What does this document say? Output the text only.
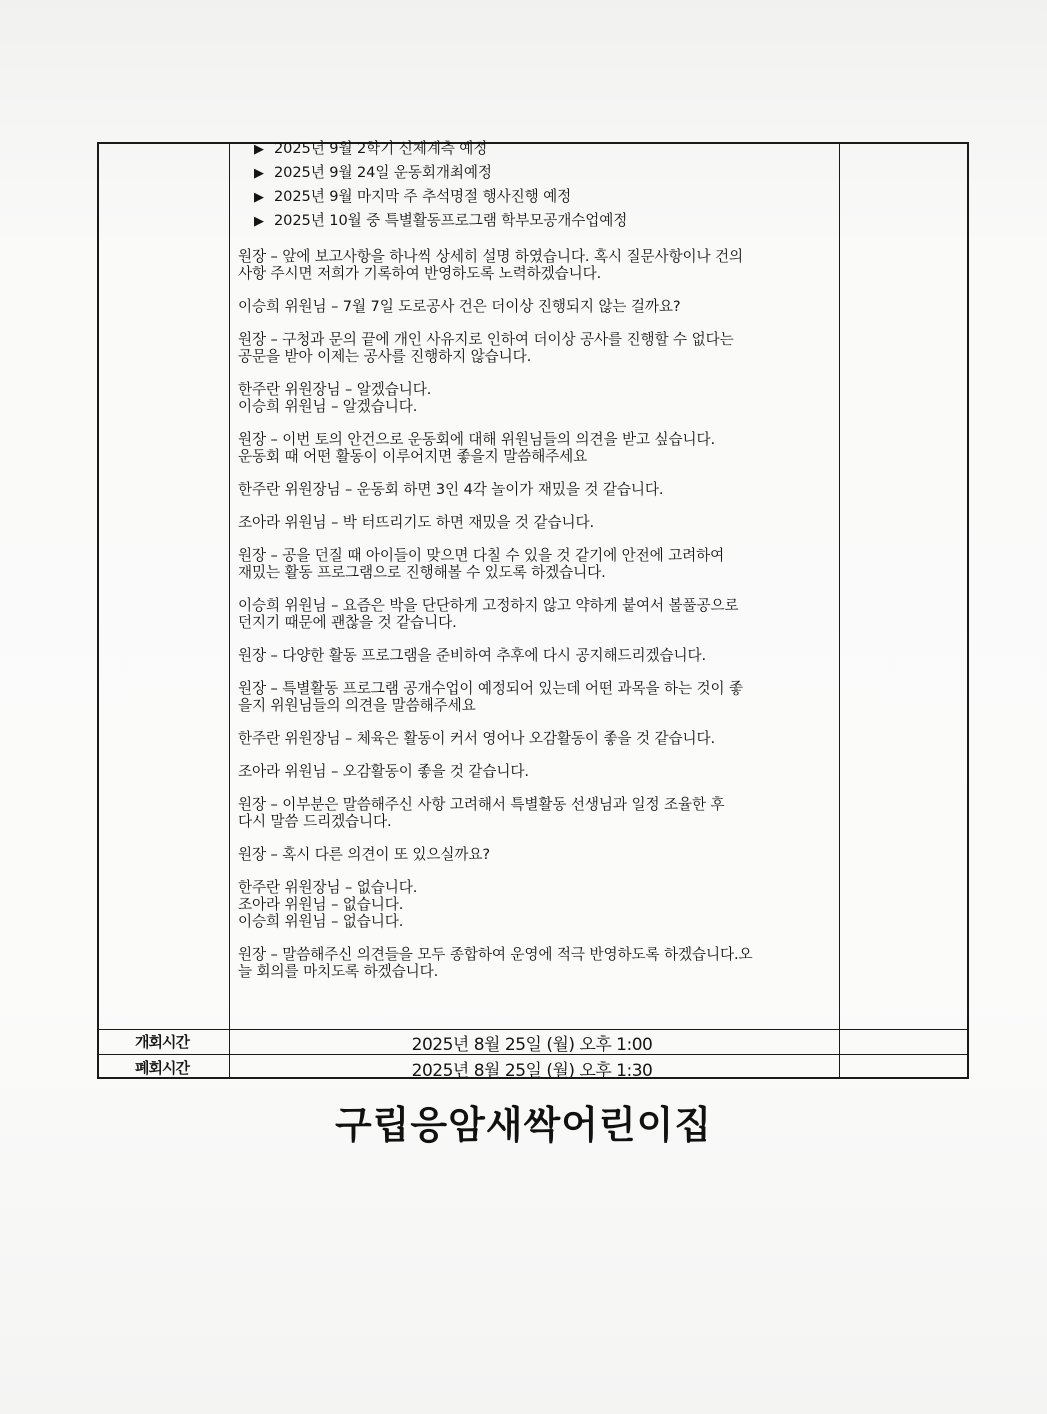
▶ 2025년 9월 2학기 신체계측 예정
▶ 2025년 9월 24일 운동회개최예정
▶ 2025년 9월 마지막 주 추석명절 행사진행 예정
▶ 2025년 10월 중 특별활동프로그램 학부모공개수업예정

원장 – 앞에 보고사항을 하나씩 상세히 설명 하였습니다. 혹시 질문사항이나 건의
사항 주시면 저희가 기록하여 반영하도록 노력하겠습니다.

이승희 위원님 – 7월 7일 도로공사 건은 더이상 진행되지 않는 걸까요?

원장 – 구청과 문의 끝에 개인 사유지로 인하여 더이상 공사를 진행할 수 없다는
공문을 받아 이제는 공사를 진행하지 않습니다.

한주란 위원장님 – 알겠습니다.
이승희 위원님 – 알겠습니다.

원장 – 이번 토의 안건으로 운동회에 대해 위원님들의 의견을 받고 싶습니다.
운동회 때 어떤 활동이 이루어지면 좋을지 말씀해주세요

한주란 위원장님 – 운동회 하면 3인 4각 놀이가 재밌을 것 같습니다.

조아라 위원님 – 박 터뜨리기도 하면 재밌을 것 같습니다.

원장 – 공을 던질 때 아이들이 맞으면 다칠 수 있을 것 같기에 안전에 고려하여
재밌는 활동 프로그램으로 진행해볼 수 있도록 하겠습니다.

이승희 위원님 – 요즘은 박을 단단하게 고정하지 않고 약하게 붙여서 볼풀공으로
던지기 때문에 괜찮을 것 같습니다.

원장 – 다양한 활동 프로그램을 준비하여 추후에 다시 공지해드리겠습니다.

원장 – 특별활동 프로그램 공개수업이 예정되어 있는데 어떤 과목을 하는 것이 좋
을지 위원님들의 의견을 말씀해주세요

한주란 위원장님 – 체육은 활동이 커서 영어나 오감활동이 좋을 것 같습니다.

조아라 위원님 – 오감활동이 좋을 것 같습니다.

원장 – 이부분은 말씀해주신 사항 고려해서 특별활동 선생님과 일정 조율한 후
다시 말씀 드리겠습니다.

원장 – 혹시 다른 의견이 또 있으실까요?

한주란 위원장님 – 없습니다.
조아라 위원님 – 없습니다.
이승희 위원님 – 없습니다.

원장 – 말씀해주신 의견들을 모두 종합하여 운영에 적극 반영하도록 하겠습니다.오
늘 회의를 마치도록 하겠습니다.

개회시간	2025년 8월 25일 (월) 오후 1:00
폐회시간	2025년 8월 25일 (월) 오후 1:30
구립응암새싹어린이집
